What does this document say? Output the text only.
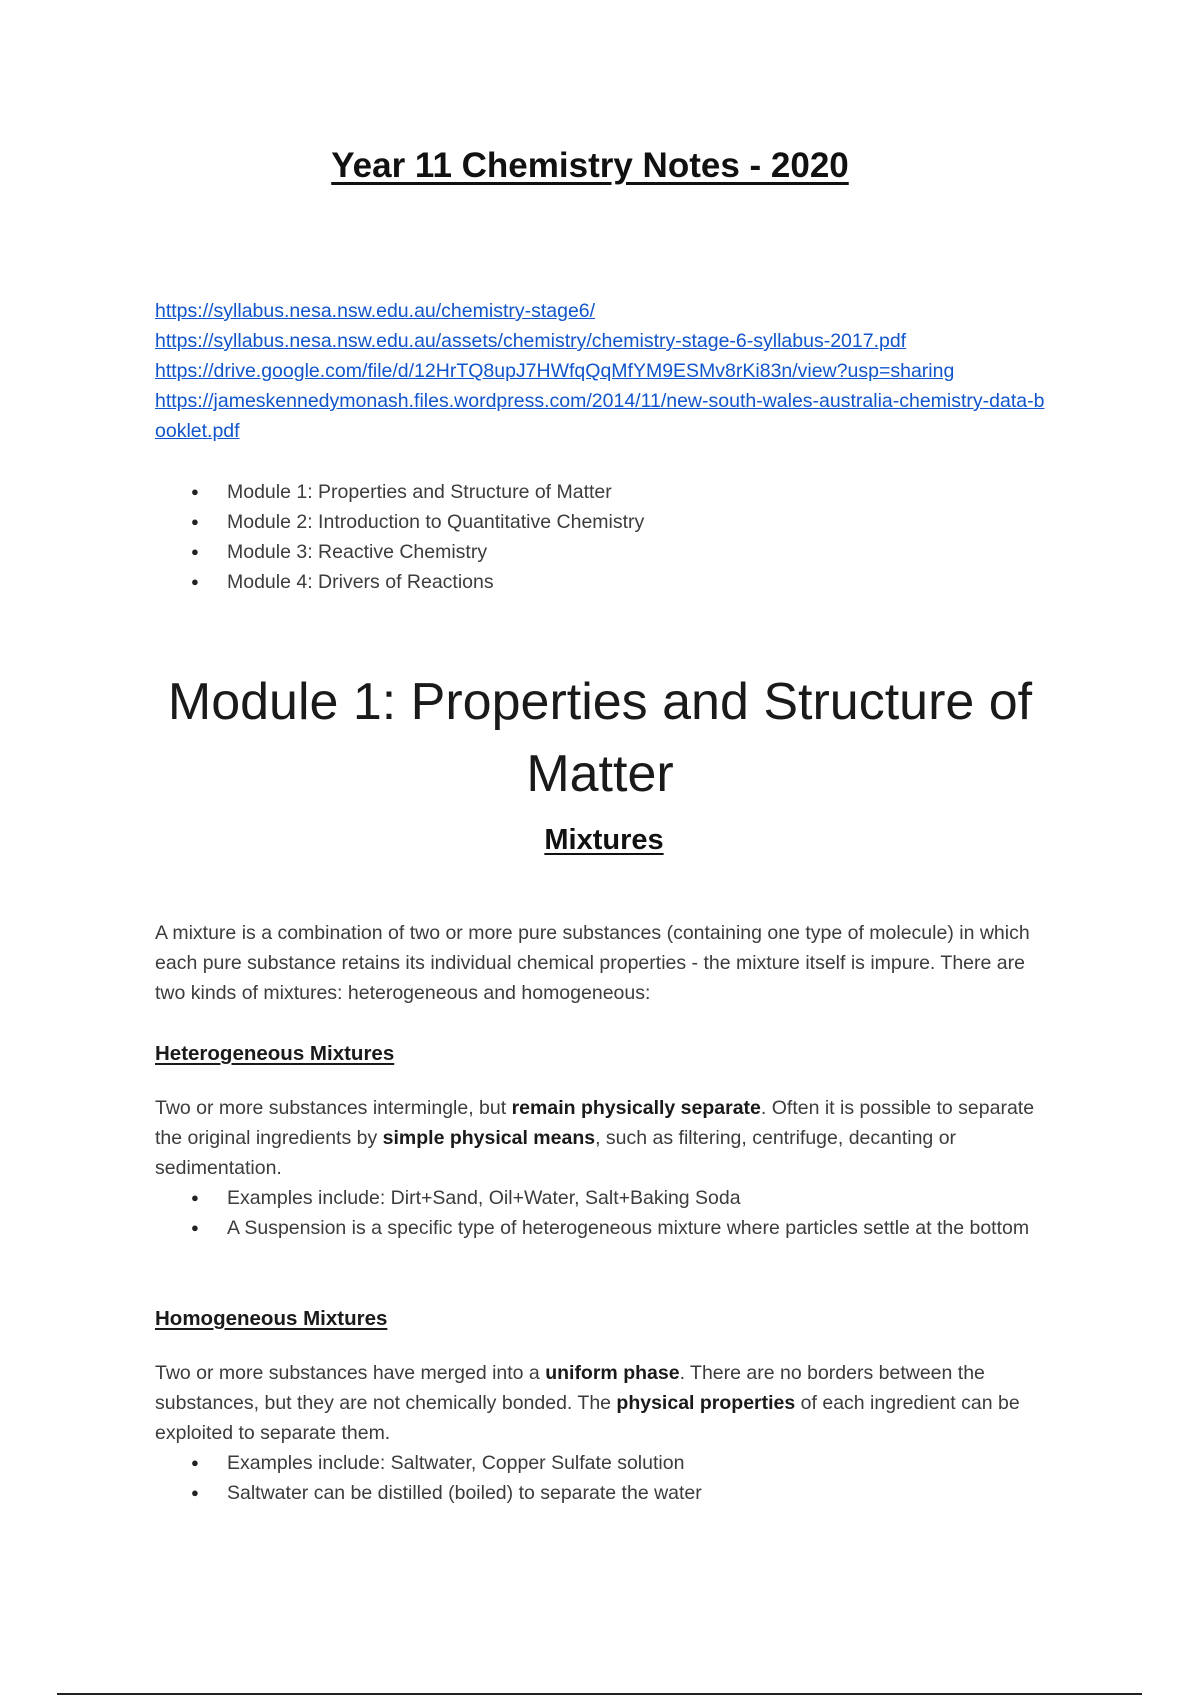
Year 11 Chemistry Notes - 2020
https://syllabus.nesa.nsw.edu.au/chemistry-stage6/
https://syllabus.nesa.nsw.edu.au/assets/chemistry/chemistry-stage-6-syllabus-2017.pdf
https://drive.google.com/file/d/12HrTQ8upJ7HWfqQqMfYM9ESMv8rKi83n/view?usp=sharing
https://jameskennedymonash.files.wordpress.com/2014/11/new-south-wales-australia-chemistry-data-booklet.pdf
● Module 1: Properties and Structure of Matter
● Module 2: Introduction to Quantitative Chemistry
● Module 3: Reactive Chemistry
● Module 4: Drivers of Reactions
Module 1: Properties and Structure of Matter
Mixtures

A mixture is a combination of two or more pure substances (containing one type of molecule) in which each pure substance retains its individual chemical properties - the mixture itself is impure. There are two kinds of mixtures: heterogeneous and homogeneous:

Heterogeneous Mixtures

Two or more substances intermingle, but remain physically separate. Often it is possible to separate the original ingredients by simple physical means, such as filtering, centrifuge, decanting or sedimentation.

● Examples include: Dirt+Sand, Oil+Water, Salt+Baking Soda
● A Suspension is a specific type of heterogeneous mixture where particles settle at the bottom
Homogeneous Mixtures

Two or more substances have merged into a uniform phase. There are no borders between the substances, but they are not chemically bonded. The physical properties of each ingredient can be exploited to separate them.

● Examples include: Saltwater, Copper Sulfate solution
● Saltwater can be distilled (boiled) to separate the water
